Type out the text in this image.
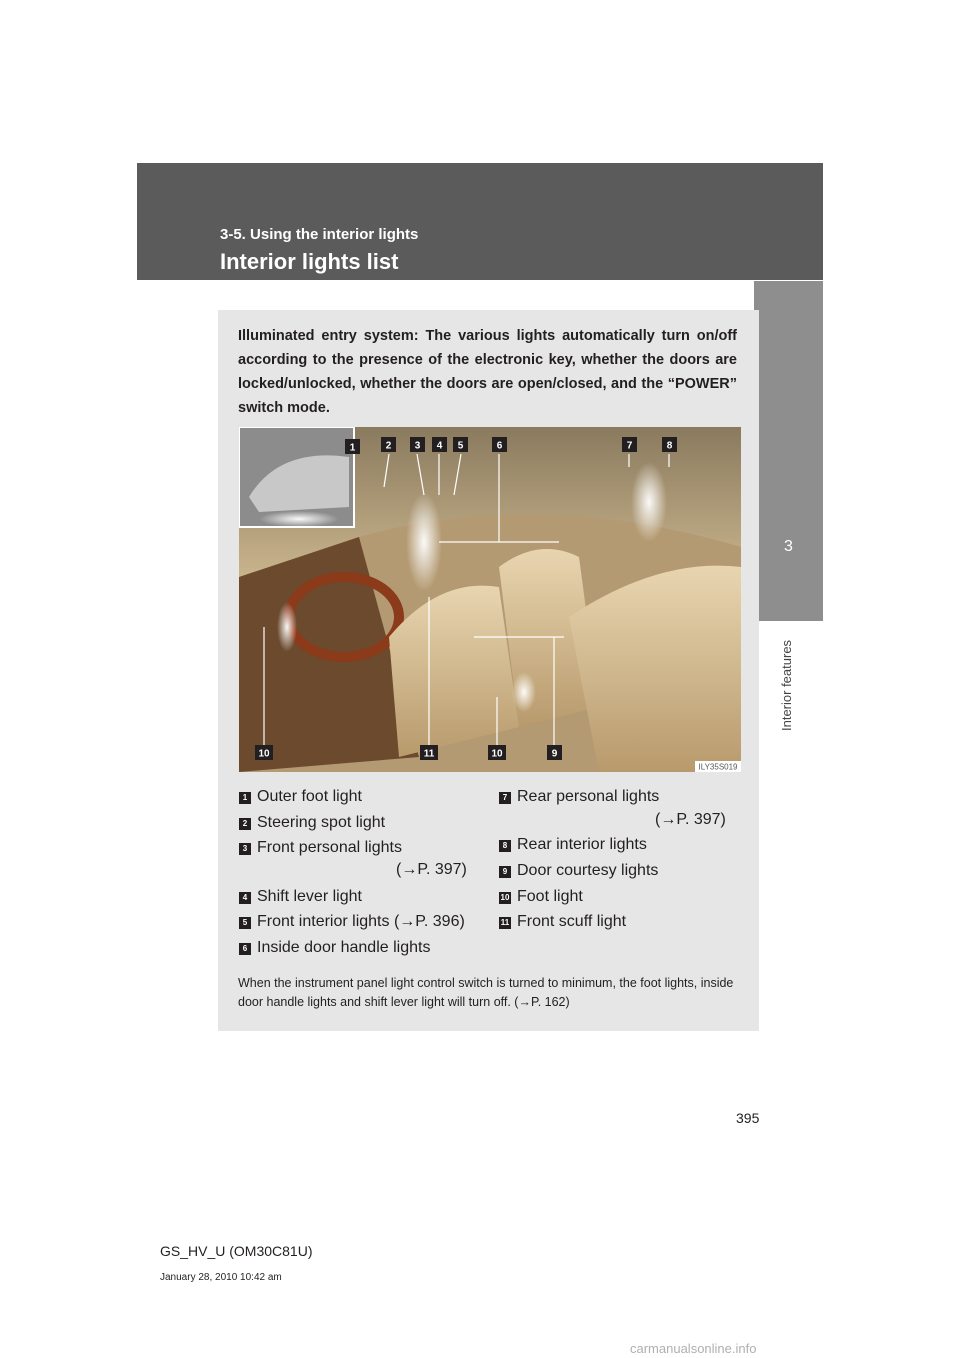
3-5. Using the interior lights
Interior lights list
3
Interior features
Illuminated entry system: The various lights automatically turn on/off according to the presence of the electronic key, whether the doors are locked/unlocked, whether the doors are open/closed, and the “POWER” switch mode.
1	2 3 4 5	6	7	8
10	11	10	9
ILY35S019
1 Outer foot light
2 Steering spot light
3 Front personal lights
(→P. 397)
4 Shift lever light
5 Front interior lights (→P. 396)
6 Inside door handle lights
7 Rear personal lights
(→P. 397)
8 Rear interior lights
9 Door courtesy lights
10 Foot light
11 Front scuff light
When the instrument panel light control switch is turned to minimum, the foot lights, inside door handle lights and shift lever light will turn off. (→P. 162)
395
GS_HV_U (OM30C81U)
January 28, 2010 10:42 am
carmanualsonline.info
